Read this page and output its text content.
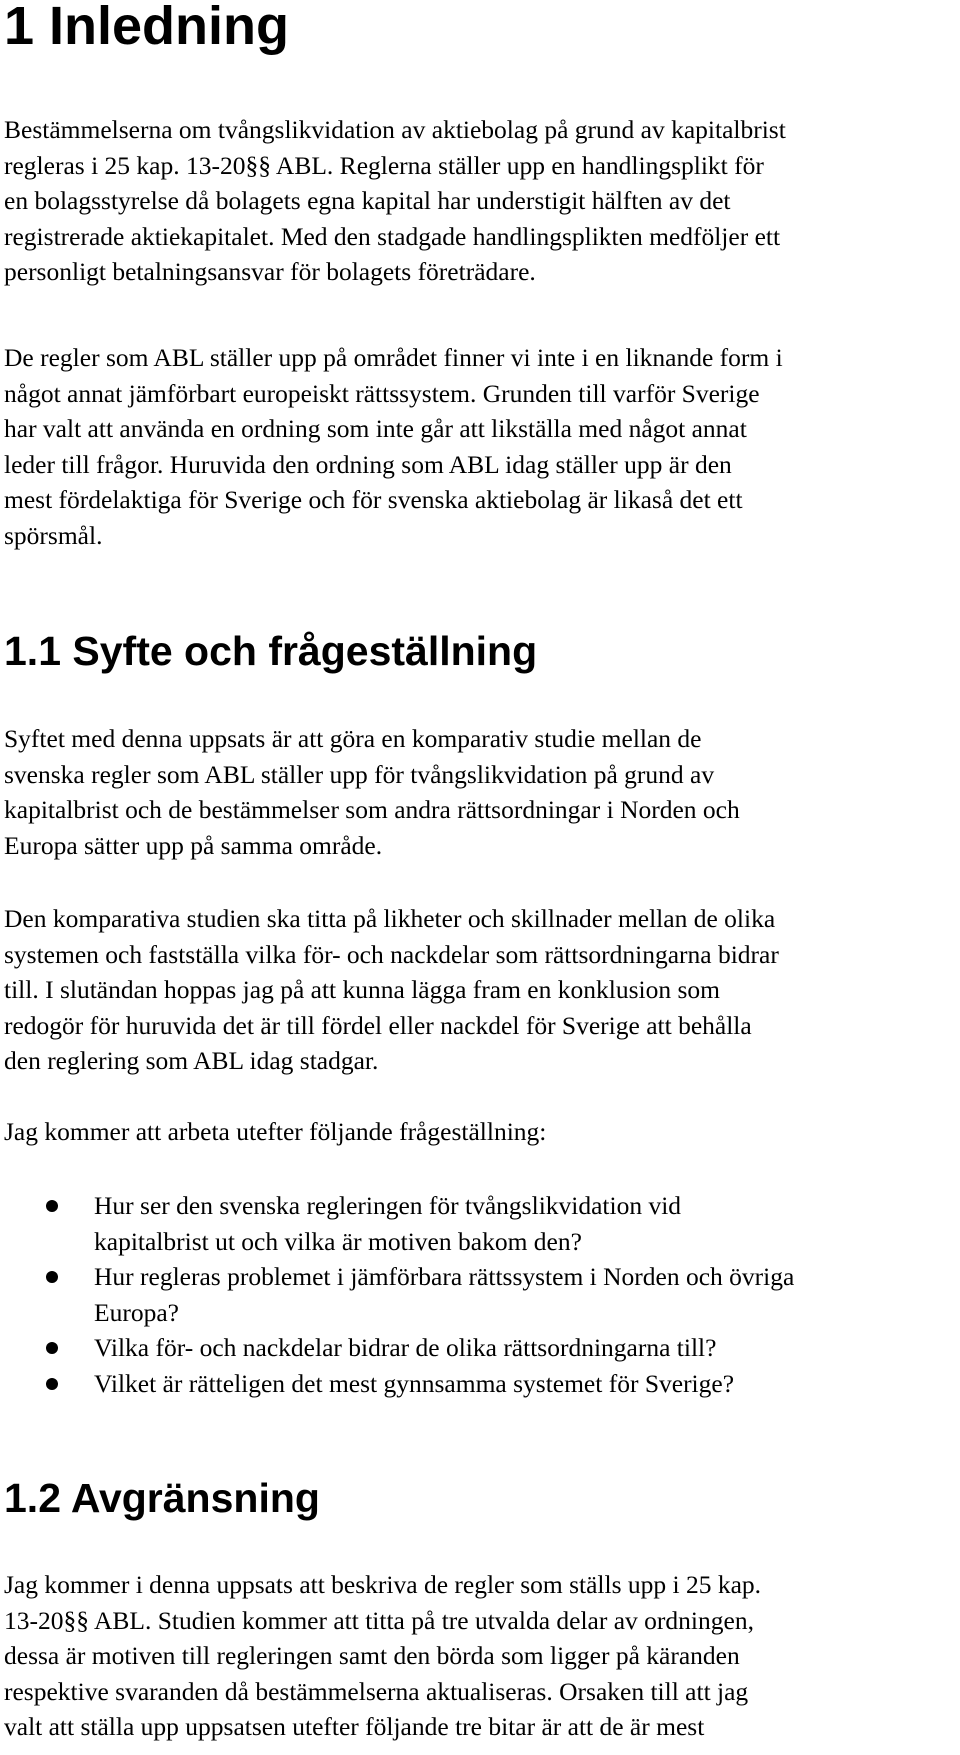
1 Inledning

Bestämmelserna om tvångslikvidation av aktiebolag på grund av kapitalbrist
regleras i 25 kap. 13-20§§ ABL. Reglerna ställer upp en handlingsplikt för
en bolagsstyrelse då bolagets egna kapital har understigit hälften av det
registrerade aktiekapitalet. Med den stadgade handlingsplikten medföljer ett
personligt betalningsansvar för bolagets företrädare.

De regler som ABL ställer upp på området finner vi inte i en liknande form i
något annat jämförbart europeiskt rättssystem. Grunden till varför Sverige
har valt att använda en ordning som inte går att likställa med något annat
leder till frågor. Huruvida den ordning som ABL idag ställer upp är den
mest fördelaktiga för Sverige och för svenska aktiebolag är likaså det ett
spörsmål.

1.1 Syfte och frågeställning

Syftet med denna uppsats är att göra en komparativ studie mellan de
svenska regler som ABL ställer upp för tvångslikvidation på grund av
kapitalbrist och de bestämmelser som andra rättsordningar i Norden och
Europa sätter upp på samma område.

Den komparativa studien ska titta på likheter och skillnader mellan de olika
systemen och fastställa vilka för- och nackdelar som rättsordningarna bidrar
till. I slutändan hoppas jag på att kunna lägga fram en konklusion som
redogör för huruvida det är till fördel eller nackdel för Sverige att behålla
den reglering som ABL idag stadgar.

Jag kommer att arbeta utefter följande frågeställning:

Hur ser den svenska regleringen för tvångslikvidation vid
kapitalbrist ut och vilka är motiven bakom den?
Hur regleras problemet i jämförbara rättssystem i Norden och övriga
Europa?
Vilka för- och nackdelar bidrar de olika rättsordningarna till?
Vilket är rätteligen det mest gynnsamma systemet för Sverige?
1.2 Avgränsning

Jag kommer i denna uppsats att beskriva de regler som ställs upp i 25 kap.
13-20§§ ABL. Studien kommer att titta på tre utvalda delar av ordningen,
dessa är motiven till regleringen samt den börda som ligger på käranden
respektive svaranden då bestämmelserna aktualiseras. Orsaken till att jag
valt att ställa upp uppsatsen utefter följande tre bitar är att de är mest
